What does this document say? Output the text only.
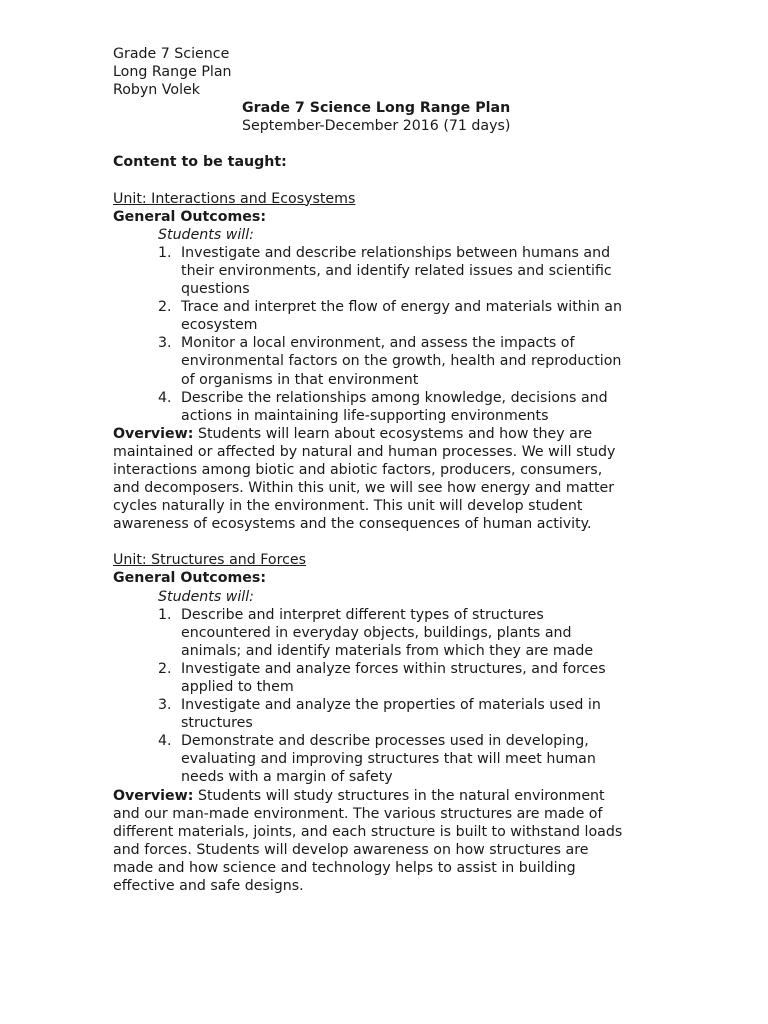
Grade 7 Science
Long Range Plan
Robyn Volek
Grade 7 Science Long Range Plan
September-December 2016 (71 days)
Content to be taught:
Unit: Interactions and Ecosystems
General Outcomes:
Students will:
1. Investigate and describe relationships between humans and
their environments, and identify related issues and scientific
questions
2. Trace and interpret the flow of energy and materials within an
ecosystem
3. Monitor a local environment, and assess the impacts of
environmental factors on the growth, health and reproduction
of organisms in that environment
4. Describe the relationships among knowledge, decisions and
actions in maintaining life-supporting environments
Overview: Students will learn about ecosystems and how they are
maintained or affected by natural and human processes. We will study
interactions among biotic and abiotic factors, producers, consumers,
and decomposers. Within this unit, we will see how energy and matter
cycles naturally in the environment. This unit will develop student
awareness of ecosystems and the consequences of human activity.
Unit: Structures and Forces
General Outcomes:
Students will:
1. Describe and interpret different types of structures
encountered in everyday objects, buildings, plants and
animals; and identify materials from which they are made
2. Investigate and analyze forces within structures, and forces
applied to them
3. Investigate and analyze the properties of materials used in
structures
4. Demonstrate and describe processes used in developing,
evaluating and improving structures that will meet human
needs with a margin of safety
Overview: Students will study structures in the natural environment
and our man-made environment. The various structures are made of
different materials, joints, and each structure is built to withstand loads
and forces. Students will develop awareness on how structures are
made and how science and technology helps to assist in building
effective and safe designs.
